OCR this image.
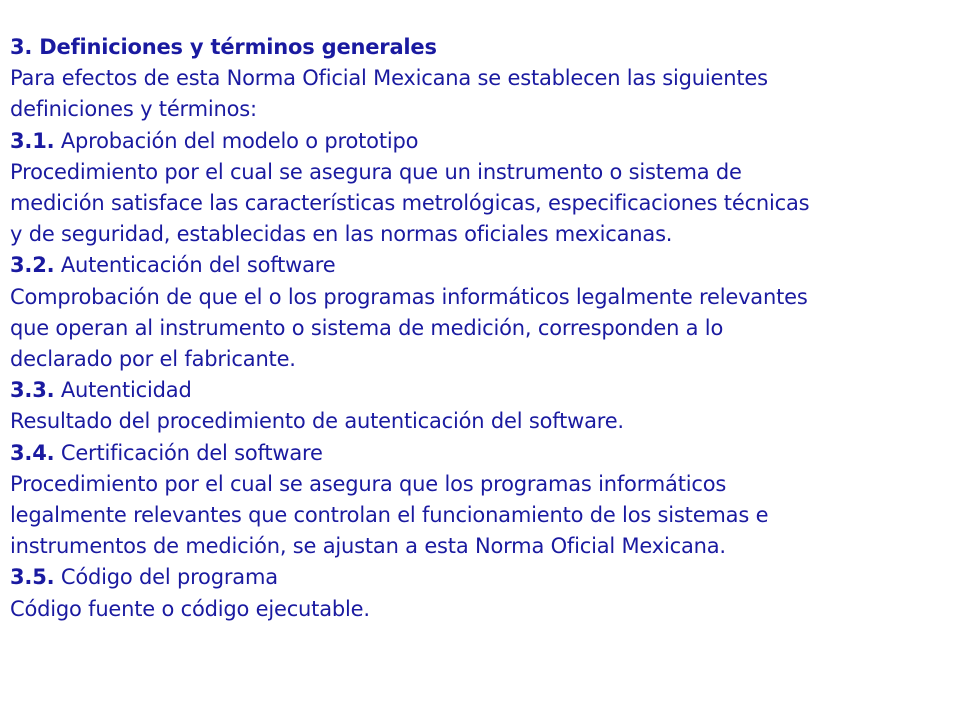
3. Definiciones y términos generales
Para efectos de esta Norma Oficial Mexicana se establecen las siguientes
definiciones y términos:
3.1. Aprobación del modelo o prototipo
Procedimiento por el cual se asegura que un instrumento o sistema de
medición satisface las características metrológicas, especificaciones técnicas
y de seguridad, establecidas en las normas oficiales mexicanas.
3.2. Autenticación del software
Comprobación de que el o los programas informáticos legalmente relevantes
que operan al instrumento o sistema de medición, corresponden a lo
declarado por el fabricante.
3.3. Autenticidad
Resultado del procedimiento de autenticación del software.
3.4. Certificación del software
Procedimiento por el cual se asegura que los programas informáticos
legalmente relevantes que controlan el funcionamiento de los sistemas e
instrumentos de medición, se ajustan a esta Norma Oficial Mexicana.
3.5. Código del programa
Código fuente o código ejecutable.
